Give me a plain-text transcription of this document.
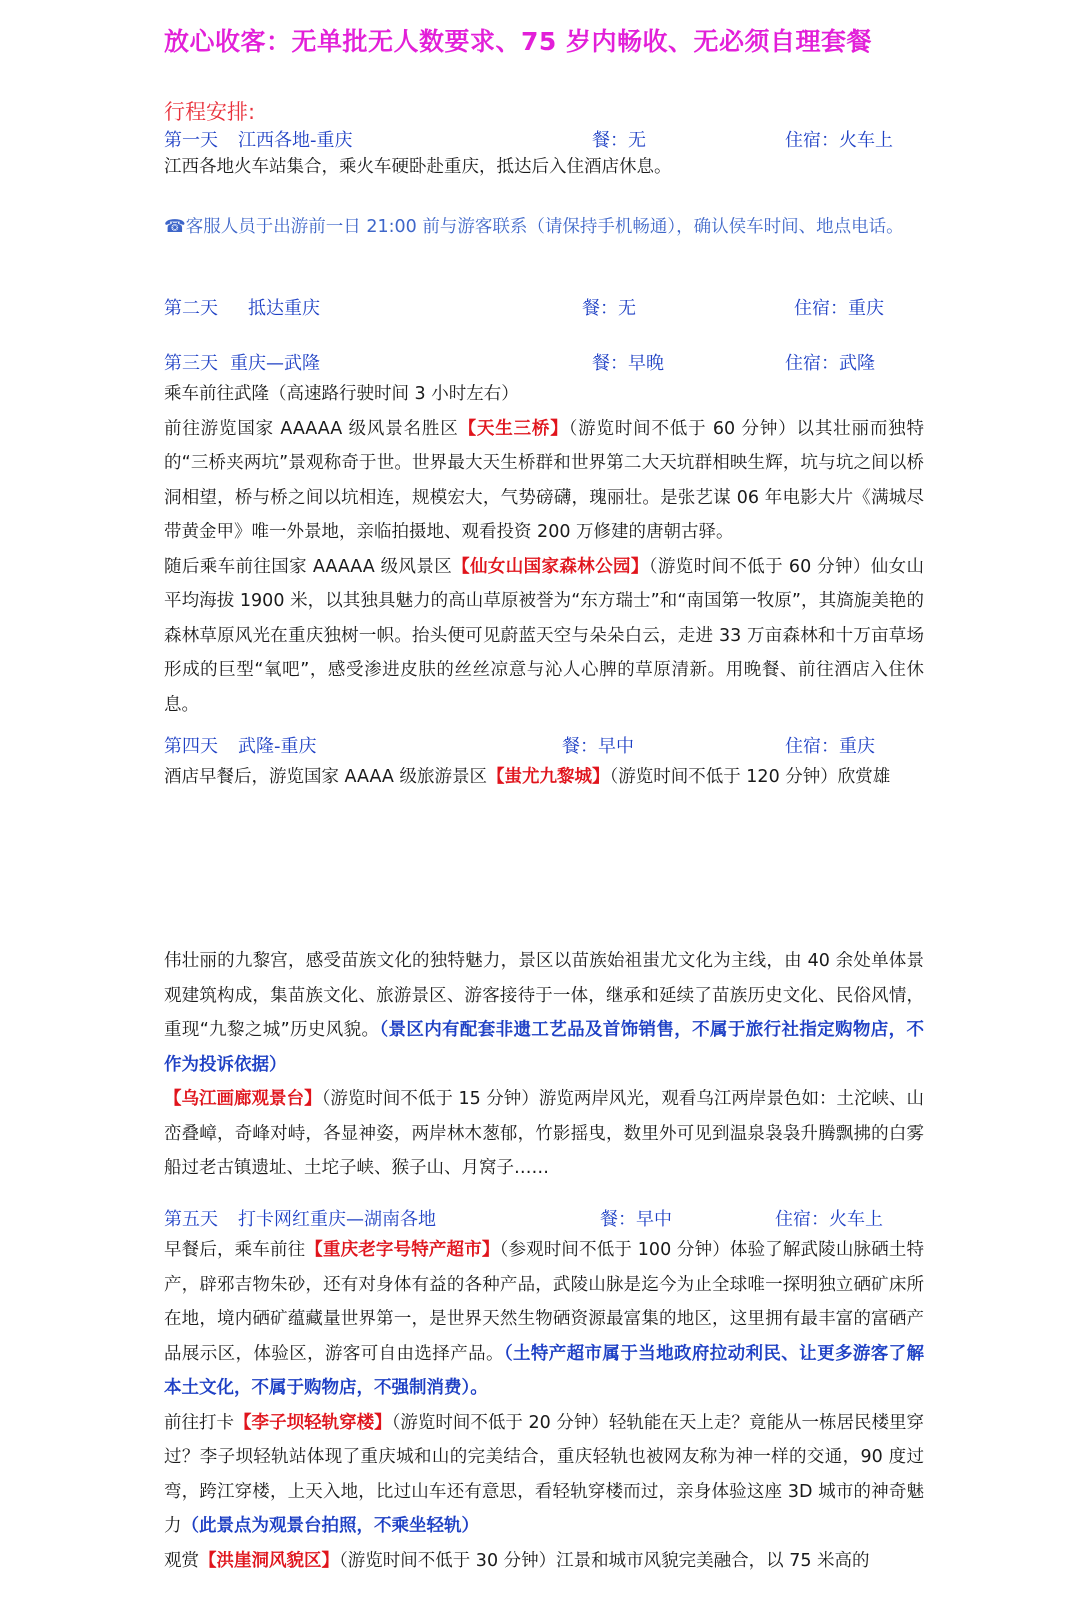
放心收客：无单批无人数要求、75 岁内畅收、无必须自理套餐
行程安排:
第一天 江西各地-重庆	餐：无	住宿：火车上
江西各地火车站集合，乘火车硬卧赴重庆，抵达后入住酒店休息。
☎客服人员于出游前一日 21:00 前与游客联系（请保持手机畅通），确认侯车时间、地点电话。
第二天 抵达重庆	餐：无	住宿：重庆
第三天 重庆—武隆	餐：早晚	住宿：武隆
乘车前往武隆（高速路行驶时间 3 小时左右）
前往游览国家 AAAAA 级风景名胜区【天生三桥】（游览时间不低于 60 分钟）以其壮丽而独特的“三桥夹两坑”景观称奇于世。世界最大天生桥群和世界第二大天坑群相映生辉，坑与坑之间以桥洞相望，桥与桥之间以坑相连，规模宏大，气势磅礴，瑰丽壮。是张艺谋 06 年电影大片《满城尽带黄金甲》唯一外景地，亲临拍摄地、观看投资 200 万修建的唐朝古驿。
随后乘车前往国家 AAAAA 级风景区【仙女山国家森林公园】（游览时间不低于 60 分钟）仙女山平均海拔 1900 米，以其独具魅力的高山草原被誉为“东方瑞士”和“南国第一牧原”，其旖旎美艳的森林草原风光在重庆独树一帜。抬头便可见蔚蓝天空与朵朵白云，走进 33 万亩森林和十万亩草场形成的巨型“氧吧”，感受渗进皮肤的丝丝凉意与沁人心脾的草原清新。用晚餐、前往酒店入住休息。
第四天 武隆-重庆	餐：早中	住宿：重庆
酒店早餐后，游览国家 AAAA 级旅游景区【蚩尤九黎城】（游览时间不低于 120 分钟）欣赏雄
伟壮丽的九黎宫，感受苗族文化的独特魅力，景区以苗族始祖蚩尤文化为主线，由 40 余处单体景观建筑构成，集苗族文化、旅游景区、游客接待于一体，继承和延续了苗族历史文化、民俗风情，重现“九黎之城”历史风貌。（景区内有配套非遗工艺品及首饰销售，不属于旅行社指定购物店，不作为投诉依据）
【乌江画廊观景台】（游览时间不低于 15 分钟）游览两岸风光，观看乌江两岸景色如：土沱峡、山峦叠嶂，奇峰对峙，各显神姿，两岸林木葱郁，竹影摇曳，数里外可见到温泉袅袅升腾飘拂的白雾船过老古镇遗址、土坨子峡、猴子山、月窝子……
第五天 打卡网红重庆—湖南各地	餐：早中	住宿：火车上
早餐后，乘车前往【重庆老字号特产超市】（参观时间不低于 100 分钟）体验了解武陵山脉硒土特产，辟邪吉物朱砂，还有对身体有益的各种产品，武陵山脉是迄今为止全球唯一探明独立硒矿床所在地，境内硒矿蕴藏量世界第一，是世界天然生物硒资源最富集的地区，这里拥有最丰富的富硒产品展示区，体验区，游客可自由选择产品。（土特产超市属于当地政府拉动利民、让更多游客了解本土文化，不属于购物店，不强制消费）。
前往打卡【李子坝轻轨穿楼】（游览时间不低于 20 分钟）轻轨能在天上走？竟能从一栋居民楼里穿过？李子坝轻轨站体现了重庆城和山的完美结合，重庆轻轨也被网友称为神一样的交通，90 度过弯，跨江穿楼，上天入地，比过山车还有意思，看轻轨穿楼而过，亲身体验这座 3D 城市的神奇魅力（此景点为观景台拍照，不乘坐轻轨）
观赏【洪崖洞风貌区】（游览时间不低于 30 分钟）江景和城市风貌完美融合，以 75 米高的
